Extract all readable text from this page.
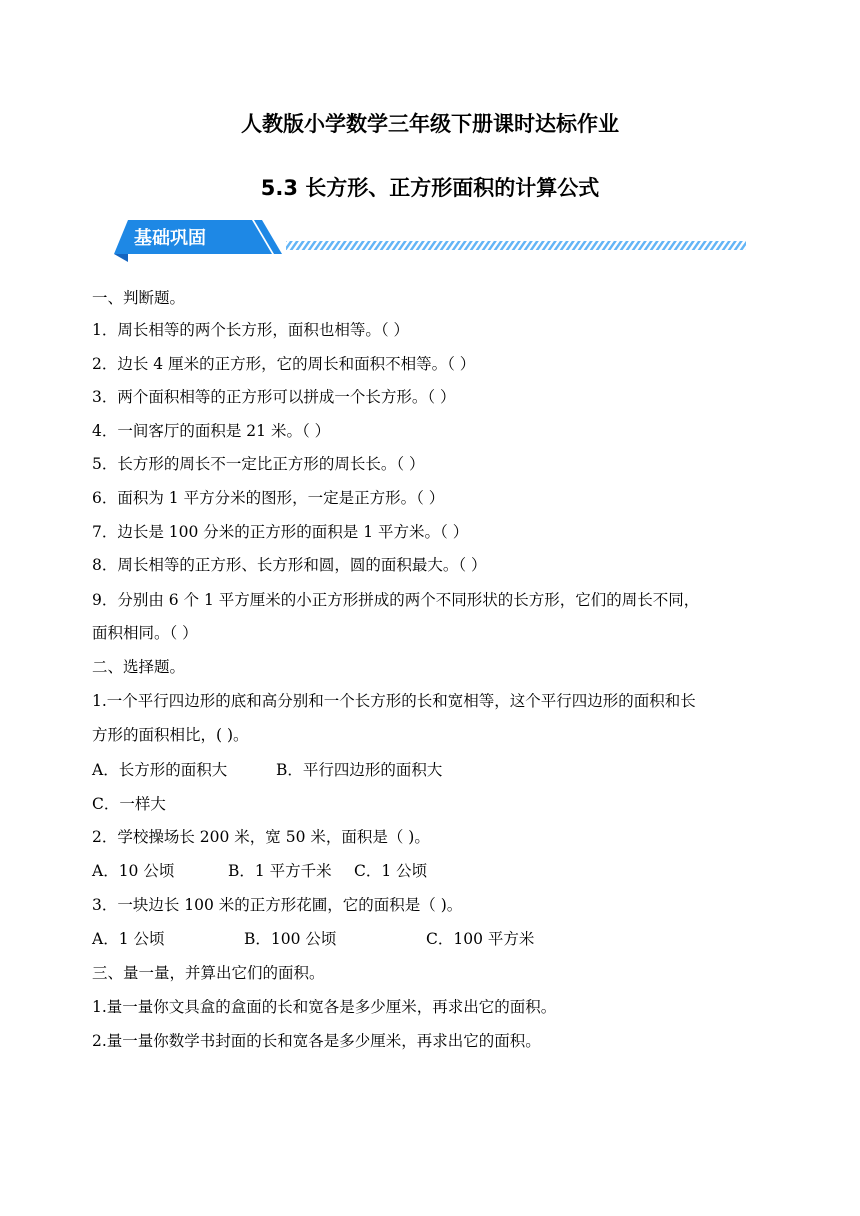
人教版小学数学三年级下册课时达标作业
5.3 长方形、正方形面积的计算公式
基础巩固
一、判断题。
1．周长相等的两个长方形，面积也相等。（ ）
2．边长 4 厘米的正方形，它的周长和面积不相等。（ ）
3．两个面积相等的正方形可以拼成一个长方形。（ ）
4．一间客厅的面积是 21 米。（ ）
5．长方形的周长不一定比正方形的周长长。（ ）
6．面积为 1 平方分米的图形，一定是正方形。（ ）
7．边长是 100 分米的正方形的面积是 1 平方米。（ ）
8．周长相等的正方形、长方形和圆，圆的面积最大。（ ）
9．分别由 6 个 1 平方厘米的小正方形拼成的两个不同形状的长方形，它们的周长不同，
面积相同。（ ）
二、选择题。
1.一个平行四边形的底和高分别和一个长方形的长和宽相等，这个平行四边形的面积和长
方形的面积相比，( )。
A．长方形的面积大	B．平行四边形的面积大
C．一样大
2．学校操场长 200 米，宽 50 米，面积是（ )。
A．10 公顷	B．1 平方千米 C．1 公顷
3．一块边长 100 米的正方形花圃，它的面积是（ )。
A．1 公顷	B．100 公顷	C．100 平方米
三、量一量，并算出它们的面积。
1.量一量你文具盒的盒面的长和宽各是多少厘米，再求出它的面积。
2.量一量你数学书封面的长和宽各是多少厘米，再求出它的面积。
